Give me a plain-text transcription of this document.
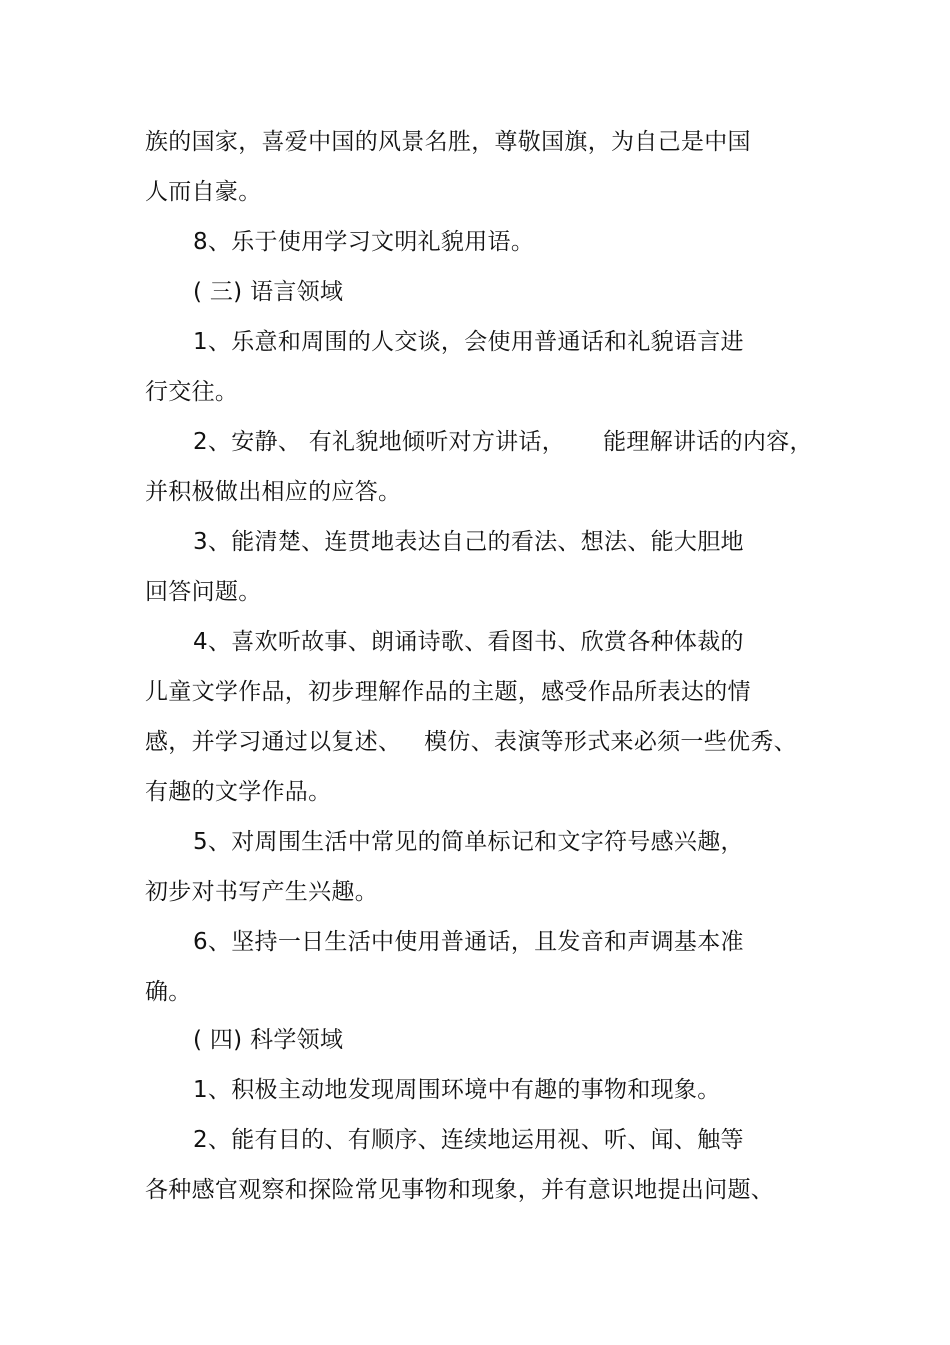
族的国家，喜爱中国的风景名胜，尊敬国旗，为自己是中国
人而自豪。
8、乐于使用学习文明礼貌用语。
( 三) 语言领域
1、乐意和周围的人交谈，会使用普通话和礼貌语言进
行交往。
2、安静、 有礼貌地倾听对方讲话，     能理解讲话的内容，
并积极做出相应的应答。
3、能清楚、连贯地表达自己的看法、想法、能大胆地
回答问题。
4、喜欢听故事、朗诵诗歌、看图书、欣赏各种体裁的
儿童文学作品，初步理解作品的主题，感受作品所表达的情
感，并学习通过以复述、   模仿、表演等形式来必须一些优秀、
有趣的文学作品。
5、对周围生活中常见的简单标记和文字符号感兴趣，
初步对书写产生兴趣。
6、坚持一日生活中使用普通话，且发音和声调基本准
确。
( 四) 科学领域
1、积极主动地发现周围环境中有趣的事物和现象。
2、能有目的、有顺序、连续地运用视、听、闻、触等
各种感官观察和探险常见事物和现象，并有意识地提出问题、
